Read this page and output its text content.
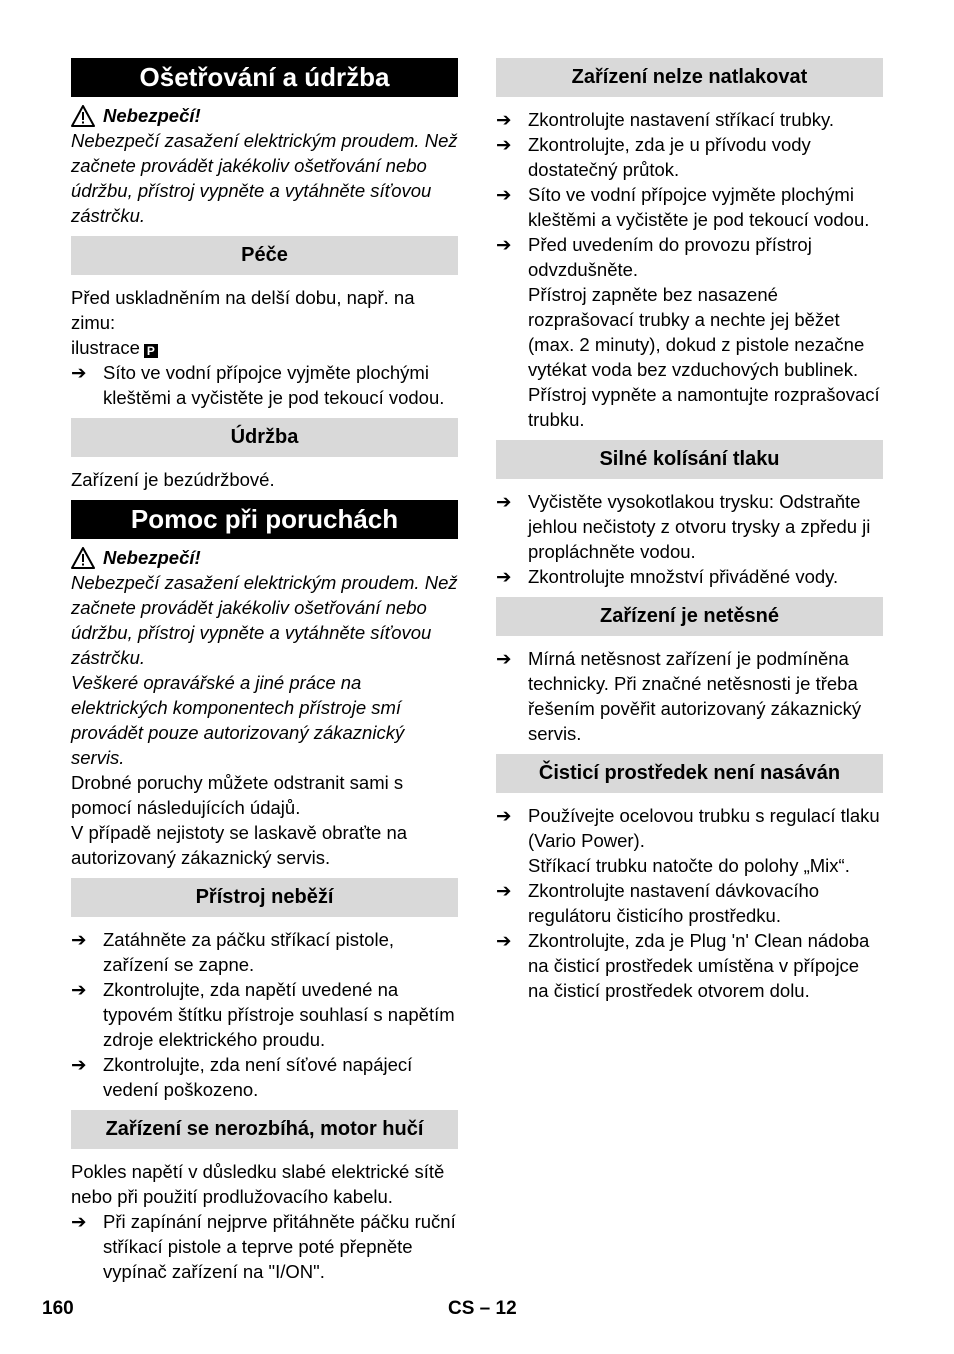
Ošetřování a údržba
Nebezpečí!

Nebezpečí zasažení elektrickým proudem. Než začnete provádět jakékoliv ošetřování nebo údržbu, přístroj vypněte a vytáhněte síťovou zástrčku.

Péče

Před uskladněním na delší dobu, např. na zimu:

ilustrace P

➔ Síto ve vodní přípojce vyjměte plochými kleštěmi a vyčistěte je pod tekoucí vodou.
Údržba

Zařízení je bezúdržbové.

Pomoc při poruchách
Nebezpečí!

Nebezpečí zasažení elektrickým proudem. Než začnete provádět jakékoliv ošetřování nebo údržbu, přístroj vypněte a vytáhněte síťovou zástrčku.

Veškeré opravářské a jiné práce na elektrických komponentech přístroje smí provádět pouze autorizovaný zákaznický servis.

Drobné poruchy můžete odstranit sami s pomocí následujících údajů.

V případě nejistoty se laskavě obraťte na autorizovaný zákaznický servis.

Přístroj neběží
➔ Zatáhněte za páčku stříkací pistole, zařízení se zapne.
➔ Zkontrolujte, zda napětí uvedené na typovém štítku přístroje souhlasí s napětím zdroje elektrického proudu.
➔ Zkontrolujte, zda není síťové napájecí vedení poškozeno.
Zařízení se nerozbíhá, motor hučí

Pokles napětí v důsledku slabé elektrické sítě nebo při použití prodlužovacího kabelu.

➔ Při zapínání nejprve přitáhněte páčku ruční stříkací pistole a teprve poté přepněte vypínač zařízení na "I/ON".
Zařízení nelze natlakovat
➔ Zkontrolujte nastavení stříkací trubky.
➔ Zkontrolujte, zda je u přívodu vody dostatečný průtok.
➔ Síto ve vodní přípojce vyjměte plochými kleštěmi a vyčistěte je pod tekoucí vodou.
➔ Před uvedením do provozu přístroj odvzdušněte.
Přístroj zapněte bez nasazené rozprašovací trubky a nechte jej běžet (max. 2 minuty), dokud z pistole nezačne vytékat voda bez vzduchových bublinek.
Přístroj vypněte a namontujte rozprašovací trubku.
Silné kolísání tlaku
➔ Vyčistěte vysokotlakou trysku: Odstraňte jehlou nečistoty z otvoru trysky a zpředu ji propláchněte vodou.
➔ Zkontrolujte množství přiváděné vody.
Zařízení je netěsné
➔ Mírná netěsnost zařízení je podmíněna technicky. Při značné netěsnosti je třeba řešením pověřit autorizovaný zákaznický servis.
Čisticí prostředek není nasáván
➔ Používejte ocelovou trubku s regulací tlaku (Vario Power).
Stříkací trubku natočte do polohy „Mix“.
➔ Zkontrolujte nastavení dávkovacího regulátoru čisticího prostředku.
➔ Zkontrolujte, zda je Plug 'n' Clean nádoba na čisticí prostředek umístěna v přípojce na čisticí prostředek otvorem dolu.
160	CS – 12
